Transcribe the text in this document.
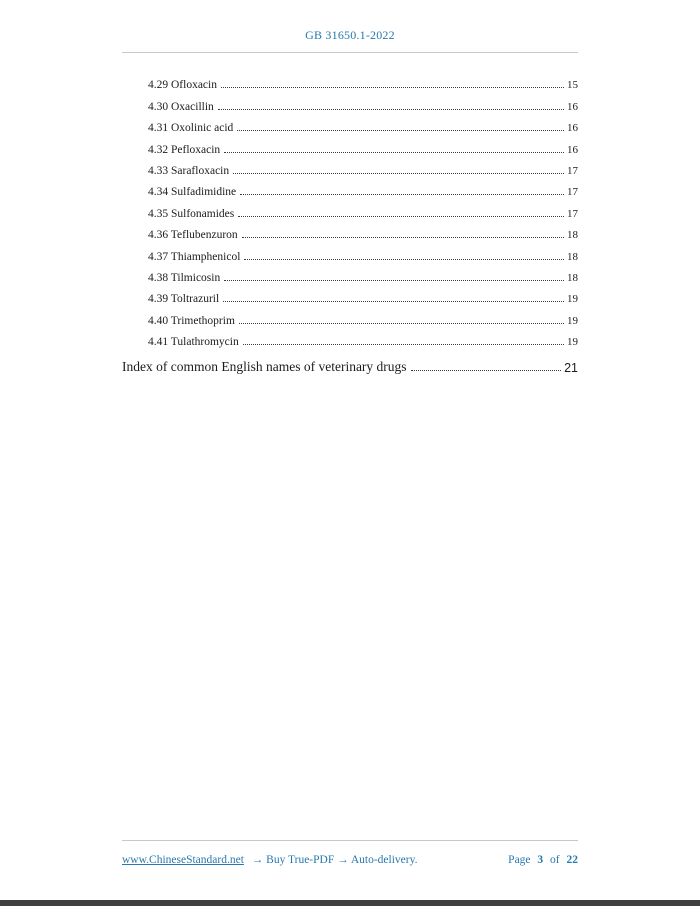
GB 31650.1-2022
4.29 Ofloxacin	15
4.30 Oxacillin	16
4.31 Oxolinic acid	16
4.32 Pefloxacin	16
4.33 Sarafloxacin	17
4.34 Sulfadimidine	17
4.35 Sulfonamides	17
4.36 Teflubenzuron	18
4.37 Thiamphenicol	18
4.38 Tilmicosin	18
4.39 Toltrazuril	19
4.40 Trimethoprim	19
4.41 Tulathromycin	19
Index of common English names of veterinary drugs	21
www.ChineseStandard.net → Buy True-PDF → Auto-delivery.	Page 3 of 22
